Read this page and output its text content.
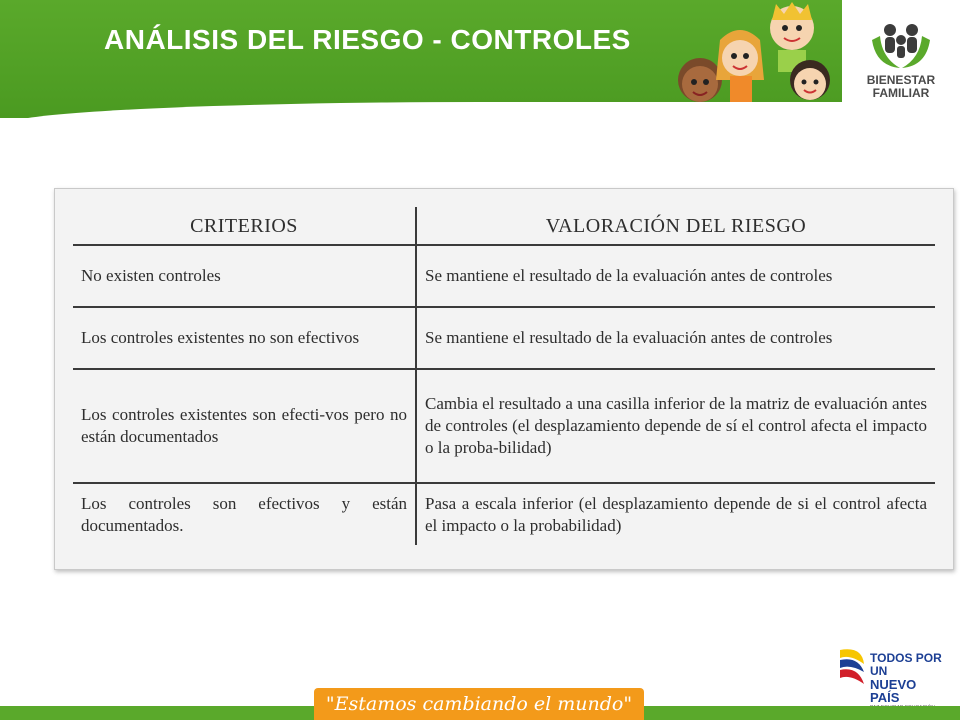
ANÁLISIS DEL RIESGO - CONTROLES
BIENESTAR
FAMILIAR
CRITERIOS	VALORACIÓN DEL RIESGO
No existen controles	Se mantiene el resultado de la evaluación antes de controles
Los controles existentes no son efectivos	Se mantiene el resultado de la evaluación antes de controles
Los controles existentes son efecti-vos pero no están documentados	Cambia el resultado a una casilla inferior de la matriz de evaluación antes de controles (el desplazamiento depende de sí el control afecta el impacto o la proba-bilidad)
Los controles son efectivos y están documentados.	Pasa a escala inferior (el desplazamiento depende de si el control afecta el impacto o la probabilidad)
TODOS POR UN
NUEVO PAÍS
"Estamos cambiando el mundo"
